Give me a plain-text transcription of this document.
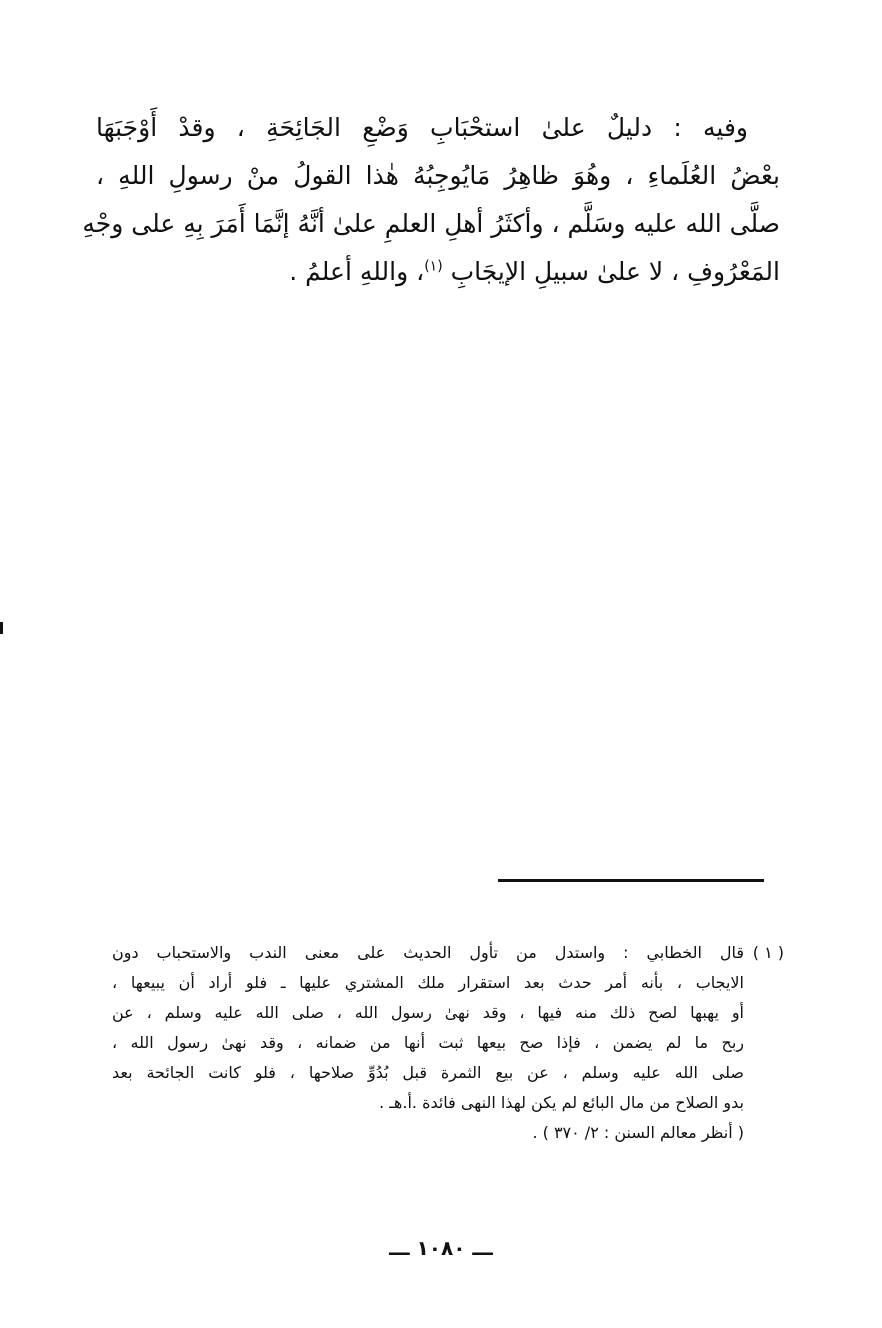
وفيه : دليلٌ علىٰ استحْبَابِ وَضْعِ الجَائِحَةِ ، وقدْ أَوْجَبَهَا
بعْضُ العُلَماءِ ، وهُوَ ظاهِرُ مَايُوجِبُهُ هٰذا القولُ منْ رسولِ اللهِ ،
صلَّى الله عليه وسَلَّم ، وأكثَرُ أهلِ العلمِ علىٰ أنَّهُ إنَّمَا أَمَرَ بِهِ على وجْهِ
المَعْرُوفِ ، لا علىٰ سبيلِ الإيجَابِ $^{(١)}$، واللهِ أعلمُ .
( ١ )
قال الخطابي : واستدل من تأول الحديث على معنى الندب والاستحباب دون
الايجاب ، بأنه أمر حدث بعد استقرار ملك المشتري عليها ـ فلو أراد أن يبيعها ،
أو يهبها لصح ذلك منه فيها ، وقد نهىٰ رسول الله ، صلى الله عليه وسلم ، عن
ربح ما لم يضمن ، فإذا صح بيعها ثبت أنها من ضمانه ، وقد نهىٰ رسول الله ،
صلى الله عليه وسلم ، عن بيع الثمرة قبل بُدُوِّ صلاحها ، فلو كانت الجائحة بعد
بدو الصلاح من مال البائع لم يكن لهذا النهى فائدة .أ.هـ .
( أنظر معالم السنن : ٢/ ٣٧٠ ) .
ـــ ١٠٨٠ ـــ
